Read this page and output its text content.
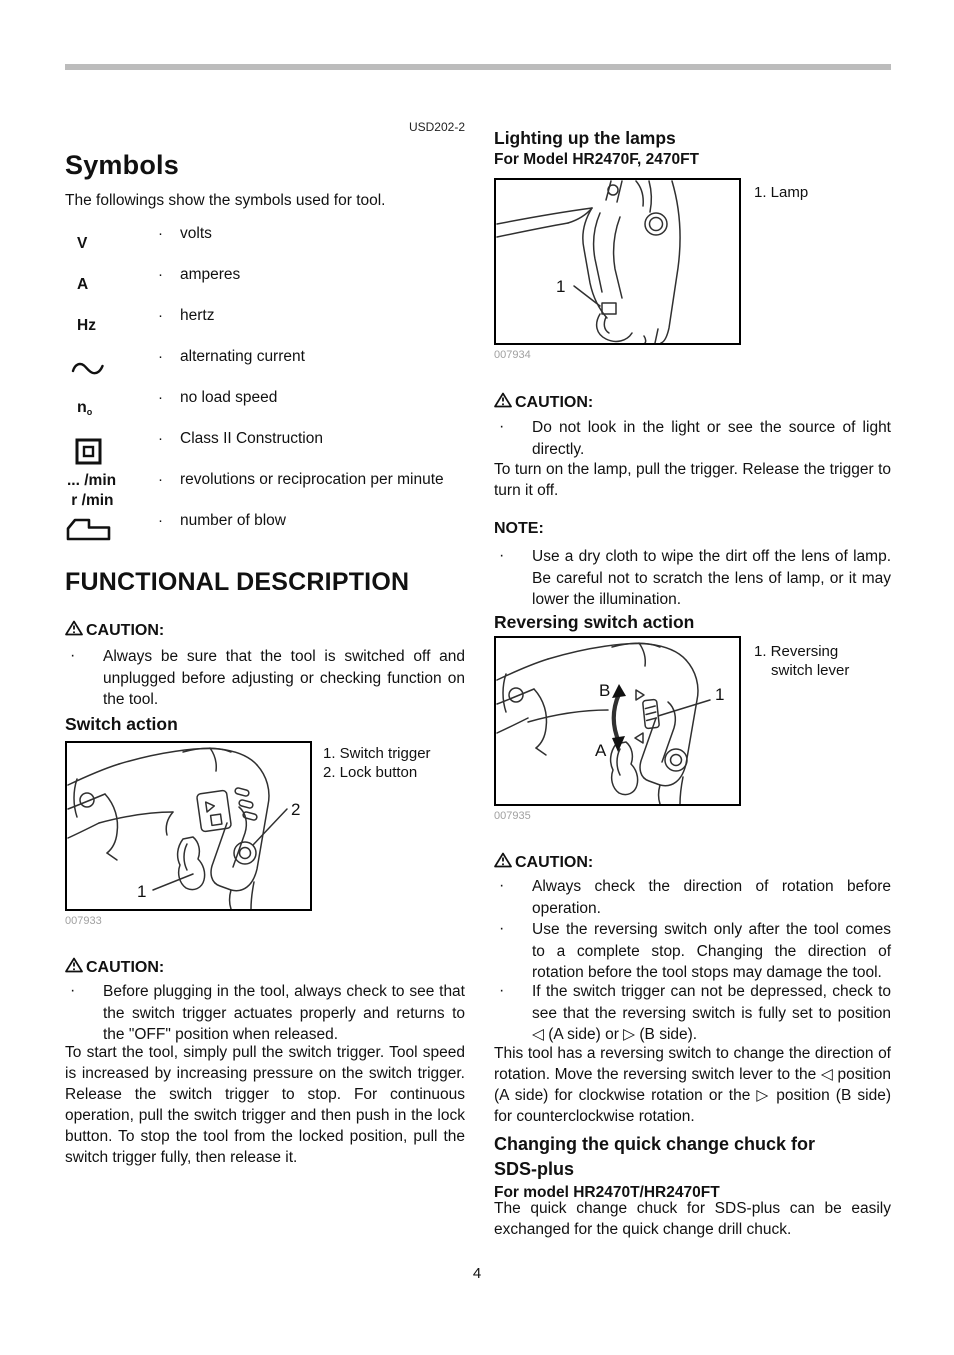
USD202-2
Symbols
The followings show the symbols used for tool.
V
· volts
A
· amperes
Hz
· hertz
· alternating current
$n_o$
· no load speed
· Class II Construction
... /min
r /min
· revolutions or reciprocation per minute
· number of blow
FUNCTIONAL DESCRIPTION
CAUTION:
· Always be sure that the tool is switched off and unplugged before adjusting or checking function on the tool.
Switch action
2
1
007933
1. Switch trigger
2. Lock button
CAUTION:
· Before plugging in the tool, always check to see that the switch trigger actuates properly and returns to the "OFF" position when released.
To start the tool, simply pull the switch trigger. Tool speed is increased by increasing pressure on the switch trigger. Release the switch trigger to stop. For continuous operation, pull the switch trigger and then push in the lock button. To stop the tool from the locked position, pull the switch trigger fully, then release it.
Lighting up the lamps
For Model HR2470F, 2470FT
1
007934
1. Lamp
CAUTION:
· Do not look in the light or see the source of light directly.
To turn on the lamp, pull the trigger. Release the trigger to turn it off.
NOTE:
· Use a dry cloth to wipe the dirt off the lens of lamp. Be careful not to scratch the lens of lamp, or it may lower the illumination.
Reversing switch action
B
A
1
007935
1. Reversing
switch lever
CAUTION:
· Always check the direction of rotation before operation.
· Use the reversing switch only after the tool comes to a complete stop. Changing the direction of rotation before the tool stops may damage the tool.
· If the switch trigger can not be depressed, check to see that the reversing switch is fully set to position ◁ (A side) or ▷ (B side).
This tool has a reversing switch to change the direction of rotation. Move the reversing switch lever to the ◁ position (A side) for clockwise rotation or the ▷ position (B side) for counterclockwise rotation.
Changing the quick change chuck for SDS-plus
For model HR2470T/HR2470FT
The quick change chuck for SDS-plus can be easily exchanged for the quick change drill chuck.
4
